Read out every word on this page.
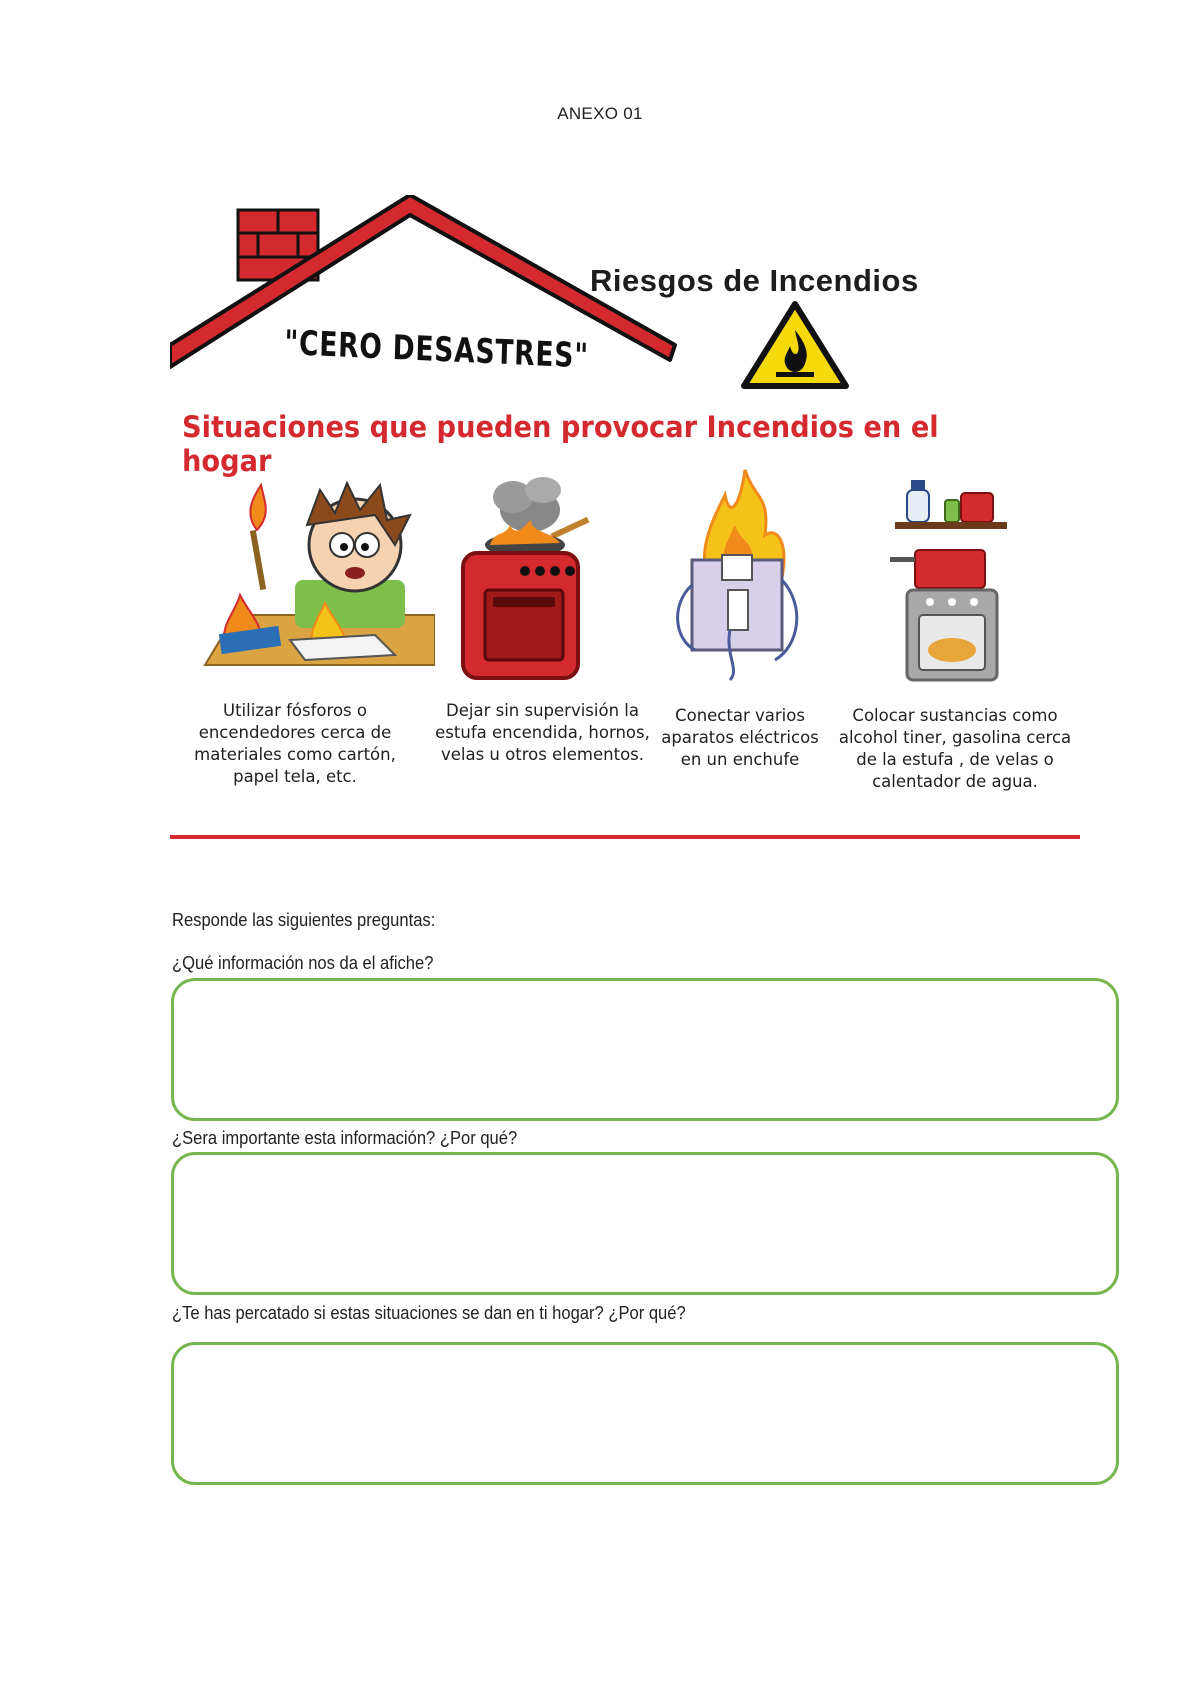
ANEXO 01
"CERO DESASTRES"
Riesgos de Incendios
Situaciones que pueden provocar Incendios en el hogar
Utilizar fósforos o encendedores cerca de materiales como cartón, papel tela, etc.
Dejar sin supervisión la estufa encendida, hornos, velas u otros elementos.
Conectar varios aparatos eléctricos en un enchufe
Colocar sustancias como alcohol tiner, gasolina cerca de la estufa , de velas o calentador de agua.
Responde las siguientes preguntas:
¿Qué información nos da el afiche?
¿Sera importante esta información? ¿Por qué?
¿Te has percatado si estas situaciones se dan en ti hogar? ¿Por qué?
